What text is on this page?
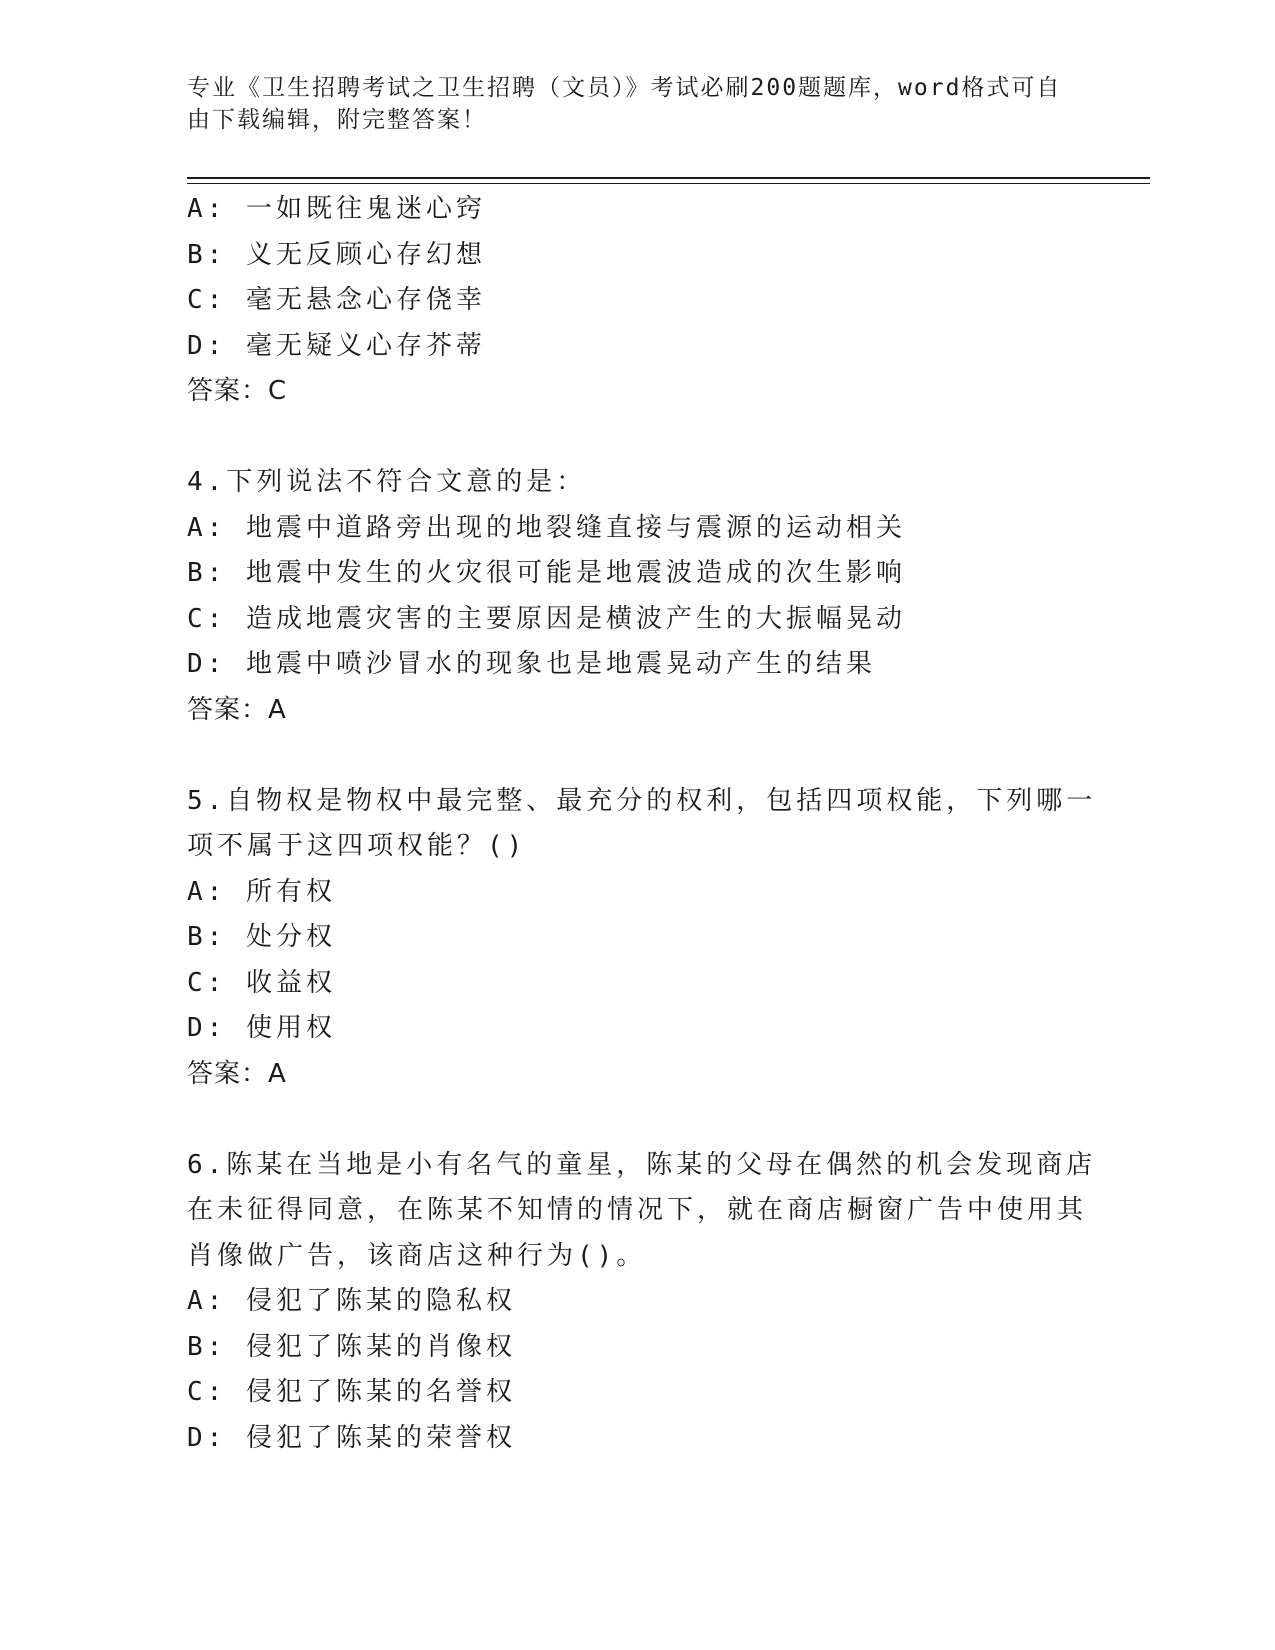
专业《卫生招聘考试之卫生招聘（文员）》考试必刷200题题库，word格式可自
由下载编辑，附完整答案！
A: 一如既往鬼迷心窍
B: 义无反顾心存幻想
C: 毫无悬念心存侥幸
D: 毫无疑义心存芥蒂
答案：C
4.下列说法不符合文意的是：
A: 地震中道路旁出现的地裂缝直接与震源的运动相关
B: 地震中发生的火灾很可能是地震波造成的次生影响
C: 造成地震灾害的主要原因是横波产生的大振幅晃动
D: 地震中喷沙冒水的现象也是地震晃动产生的结果
答案：A
5.自物权是物权中最完整、最充分的权利，包括四项权能，下列哪一
项不属于这四项权能？()
A: 所有权
B: 处分权
C: 收益权
D: 使用权
答案：A
6.陈某在当地是小有名气的童星，陈某的父母在偶然的机会发现商店
在未征得同意，在陈某不知情的情况下，就在商店橱窗广告中使用其
肖像做广告，该商店这种行为()。
A: 侵犯了陈某的隐私权
B: 侵犯了陈某的肖像权
C: 侵犯了陈某的名誉权
D: 侵犯了陈某的荣誉权
